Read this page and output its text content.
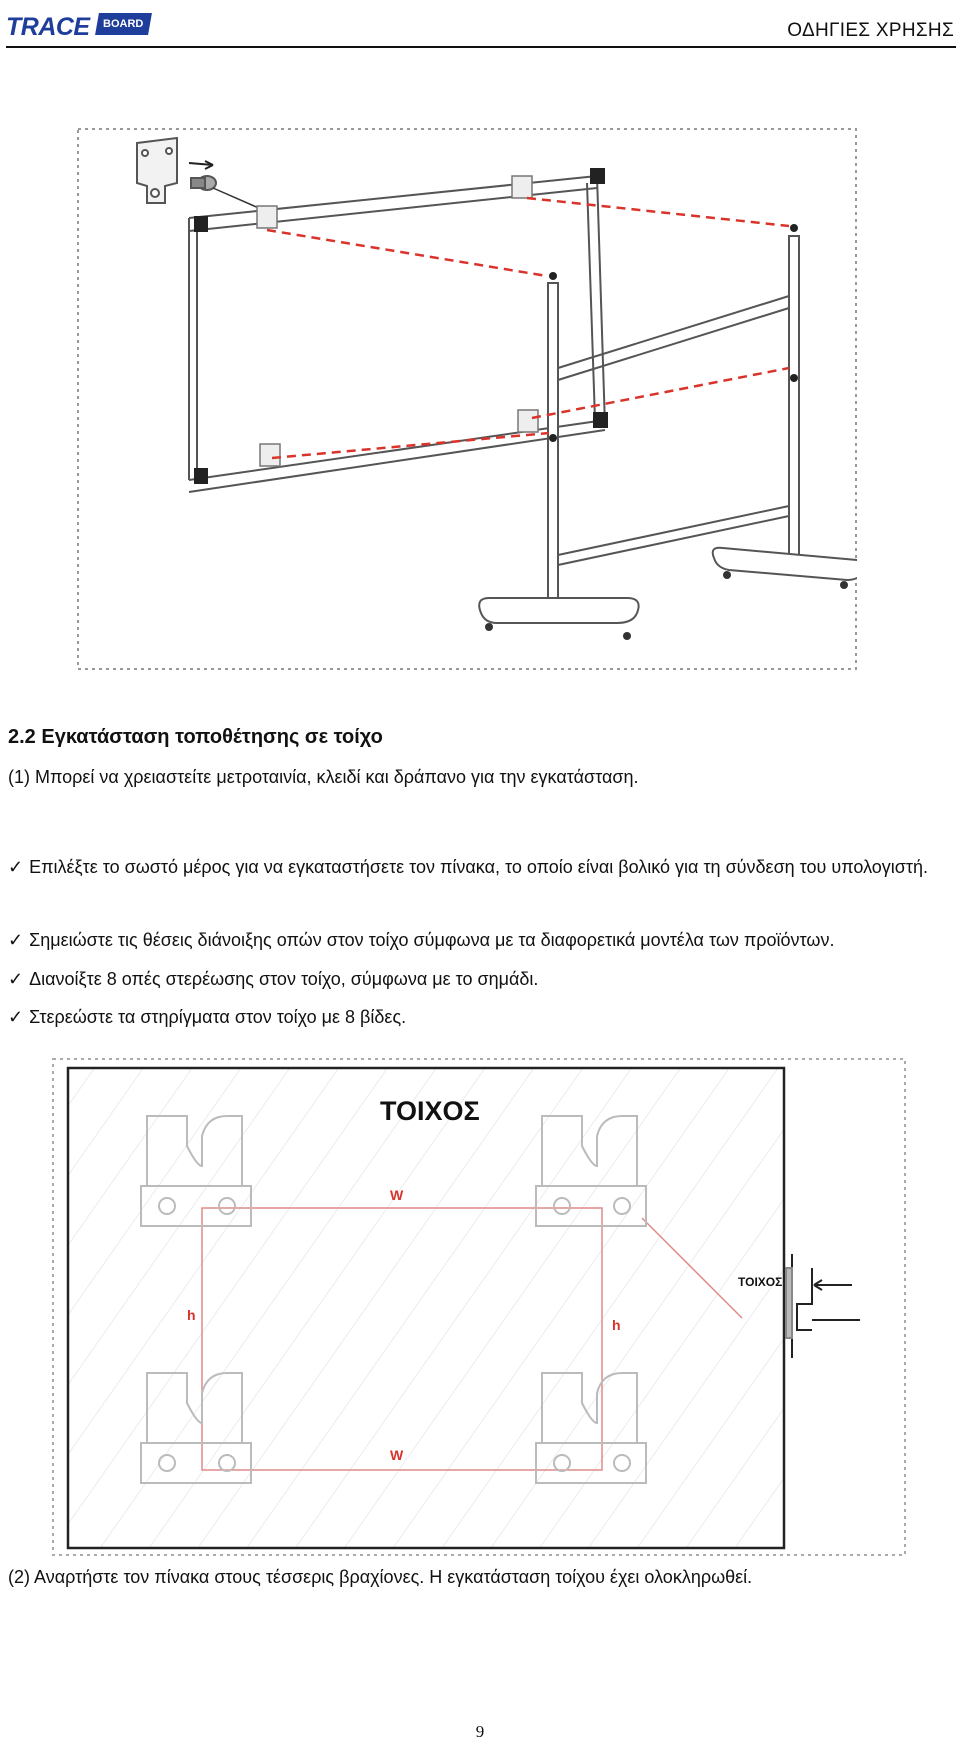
TRACE	BOARD	ΟΔΗΓΙΕΣ ΧΡΗΣΗΣ
2.2 Εγκατάσταση τοποθέτησης σε τοίχο
(1) Μπορεί να χρειαστείτε μετροταινία, κλειδί και δράπανο για την εγκατάσταση.
✓ Επιλέξτε το σωστό μέρος για να εγκαταστήσετε τον πίνακα, το οποίο είναι βολικό για τη σύνδεση του υπολογιστή.
✓ Σημειώστε τις θέσεις διάνοιξης οπών στον τοίχο σύμφωνα με τα διαφορετικά μοντέλα των προϊόντων.
✓ Διανοίξτε 8 οπές στερέωσης στον τοίχο, σύμφωνα με το σημάδι.
✓ Στερεώστε τα στηρίγματα στον τοίχο με 8 βίδες.
ΤΟΙΧΟΣ
W
W
h
h
ΤΟΙΧΟΣ
(2) Αναρτήστε τον πίνακα στους τέσσερις βραχίονες. Η εγκατάσταση τοίχου έχει ολοκληρωθεί.
9
